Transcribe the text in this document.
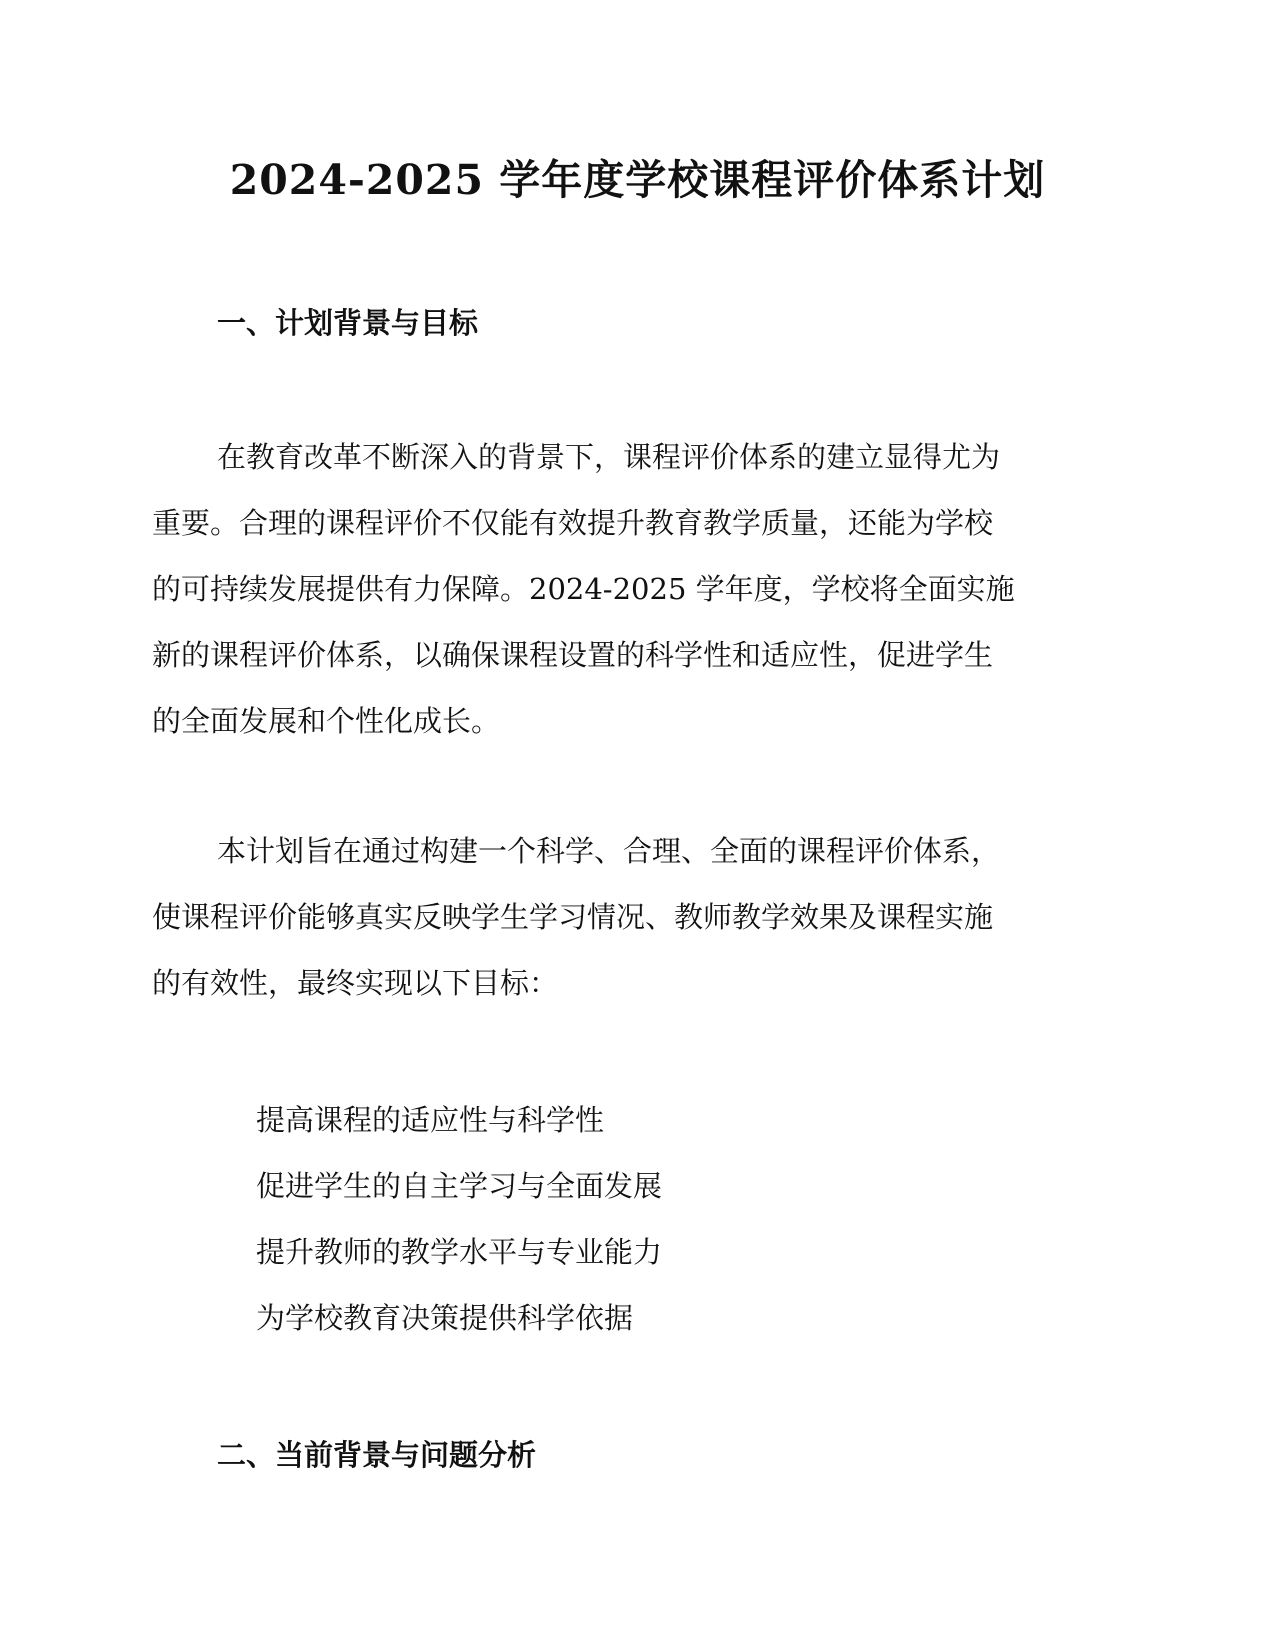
2024-2025 学年度学校课程评价体系计划
一、计划背景与目标

在教育改革不断深入的背景下，课程评价体系的建立显得尤为
重要。合理的课程评价不仅能有效提升教育教学质量，还能为学校
的可持续发展提供有力保障。2024-2025 学年度，学校将全面实施
新的课程评价体系，以确保课程设置的科学性和适应性，促进学生
的全面发展和个性化成长。

本计划旨在通过构建一个科学、合理、全面的课程评价体系，
使课程评价能够真实反映学生学习情况、教师教学效果及课程实施
的有效性，最终实现以下目标：

提高课程的适应性与科学性
促进学生的自主学习与全面发展
提升教师的教学水平与专业能力
为学校教育决策提供科学依据
二、当前背景与问题分析
